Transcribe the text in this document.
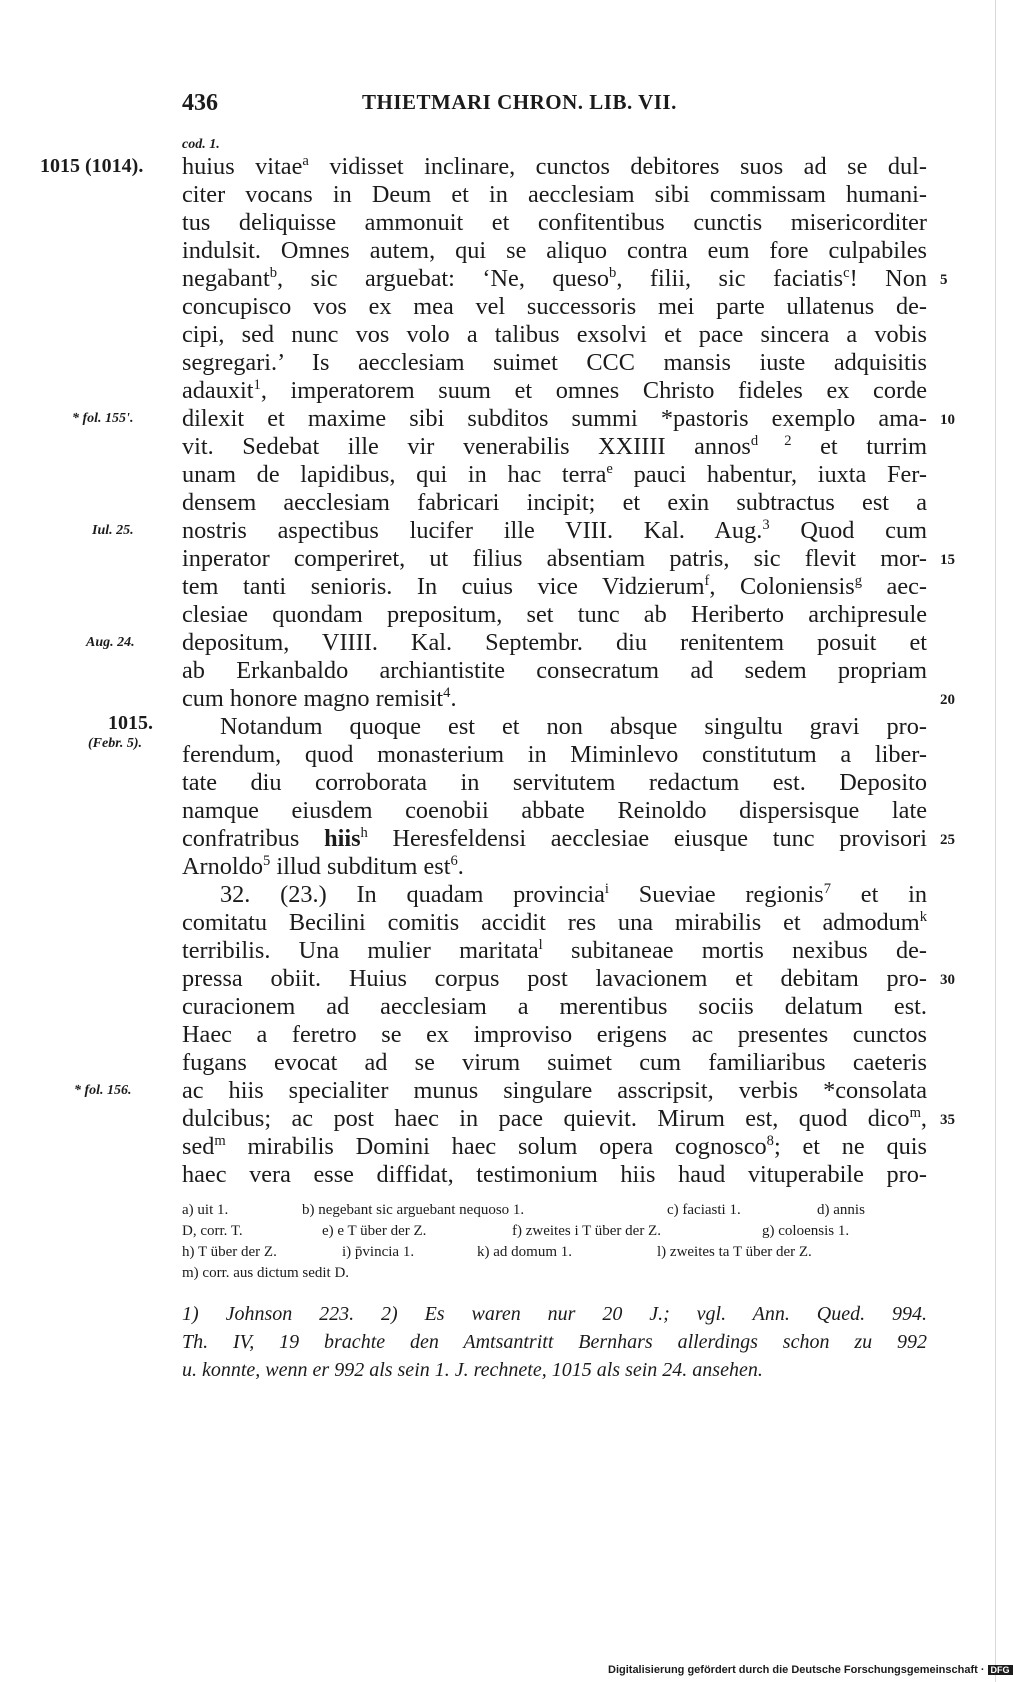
436	THIETMARI CHRON. LIB. VII.
cod. 1.
huius vitae$^a$ vidisset inclinare, cunctos debitores suos ad se dul-
citer vocans in Deum et in aecclesiam sibi commissam humani-
tus deliquisse ammonuit et confitentibus cunctis misericorditer
indulsit. Omnes autem, qui se aliquo contra eum fore culpabiles
negabant$^b$, sic arguebat: ‘Ne, queso$^b$, filii, sic faciatis$^c$! Non
concupisco vos ex mea vel successoris mei parte ullatenus de-
cipi, sed nunc vos volo a talibus exsolvi et pace sincera a vobis
segregari.’ Is aecclesiam suimet CCC mansis iuste adquisitis
adauxit$^1$, imperatorem suum et omnes Christo fideles ex corde
dilexit et maxime sibi subditos summi *pastoris exemplo ama-
vit. Sedebat ille vir venerabilis XXIIII annos$^{d 2}$ et turrim
unam de lapidibus, qui in hac terra$^e$ pauci habentur, iuxta Fer-
densem aecclesiam fabricari incipit; et exin subtractus est a
nostris aspectibus lucifer ille VIII. Kal. Aug.$^3$ Quod cum
inperator comperiret, ut filius absentiam patris, sic flevit mor-
tem tanti senioris. In cuius vice Vidzierum$^f$, Coloniensis$^g$ aec-
clesiae quondam prepositum, set tunc ab Heriberto archipresule
depositum, VIIII. Kal. Septembr. diu renitentem posuit et
ab Erkanbaldo archiantistite consecratum ad sedem propriam
cum honore magno remisit$^4$.
Notandum quoque est et non absque singultu gravi pro-
ferendum, quod monasterium in Miminlevo constitutum a liber-
tate diu corroborata in servitutem redactum est. Deposito
namque eiusdem coenobii abbate Reinoldo dispersisque late
confratribus hiis$^h$ Heresfeldensi aecclesiae eiusque tunc provisori
Arnoldo$^5$ illud subditum est$^6$.
32. (23.) In quadam provincia$^i$ Sueviae regionis$^7$ et in
comitatu Becilini comitis accidit res una mirabilis et admodum$^k$
terribilis. Una mulier maritata$^l$ subitaneae mortis nexibus de-
pressa obiit. Huius corpus post lavacionem et debitam pro-
curacionem ad aecclesiam a merentibus sociis delatum est.
Haec a feretro se ex improviso erigens ac presentes cunctos
fugans evocat ad se virum suimet cum familiaribus caeteris
ac hiis specialiter munus singulare asscripsit, verbis *consolata
dulcibus; ac post haec in pace quievit. Mirum est, quod dico$^m$,
sed$^m$ mirabilis Domini haec solum opera cognosco$^8$; et ne quis
haec vera esse diffidat, testimonium hiis haud vituperabile pro-
1015 (1014).
* fol. 155'.
Iul. 25.
Aug. 24.
1015.
(Febr. 5).
* fol. 156.
5
10
15
20
25
30
35
a) uit 1.	b) negebant sic arguebant nequoso 1.	c) faciasti 1.	d) annis
D, corr. T.	e) e T über der Z.	f) zweites i T über der Z.	g) coloensis 1.
h) T über der Z.	i) p̄vincia 1.	k) ad domum 1.	l) zweites ta T über der Z.
m) corr. aus dictum sedit D.
1) Johnson 223. 2) Es waren nur 20 J.; vgl. Ann. Qued. 994.
Th. IV, 19 brachte den Amtsantritt Bernhars allerdings schon zu 992
u. konnte, wenn er 992 als sein 1. J. rechnete, 1015 als sein 24. ansehen.
Digitalisierung gefördert durch die Deutsche Forschungsgemeinschaft · DFG
